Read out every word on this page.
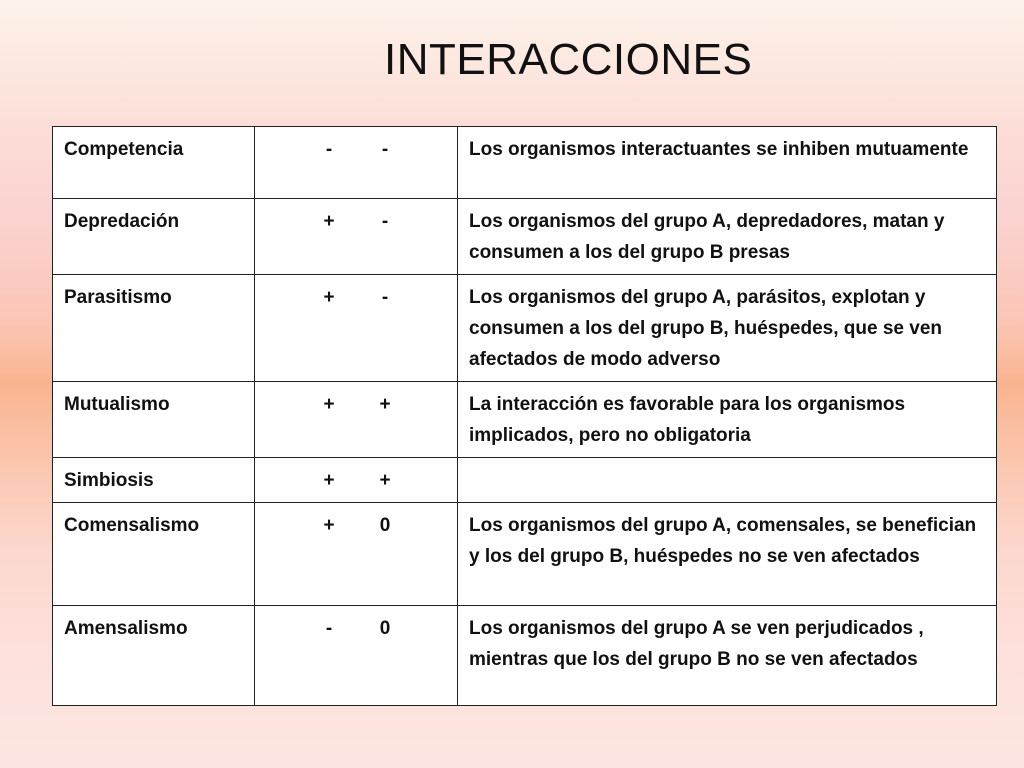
INTERACCIONES
Competencia	- -	Los organismos interactuantes se inhiben mutuamente
Depredación	+ -	Los organismos del grupo A, depredadores, matan y consumen a los del grupo B presas
Parasitismo	+ -	Los organismos del grupo A, parásitos, explotan y consumen a los del grupo B, huéspedes, que se ven afectados de modo adverso
Mutualismo	+ +	La interacción es favorable para los organismos implicados, pero no obligatoria
Simbiosis	+ +	

Comensalismo	+ 0	Los organismos del grupo A, comensales, se benefician y los del grupo B, huéspedes no se ven afectados
Amensalismo	- 0	Los organismos del grupo A se ven perjudicados , mientras que los del grupo B no se ven afectados
